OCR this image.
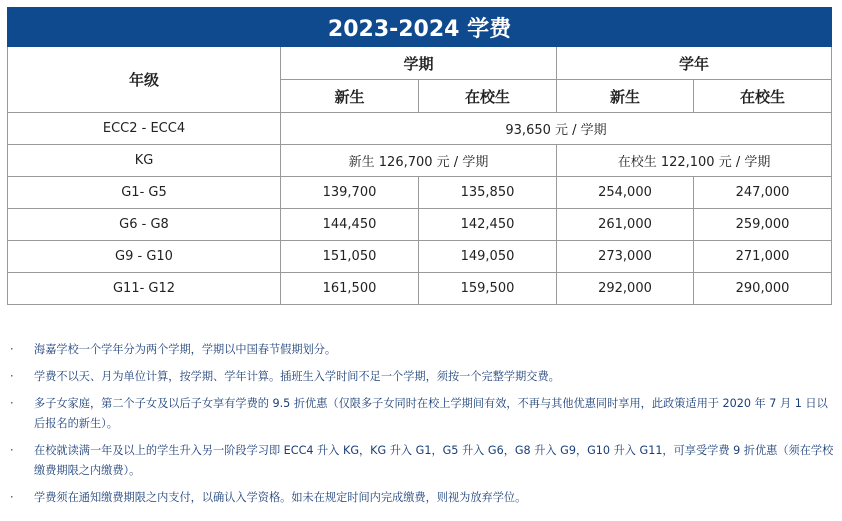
2023-2024 学费				
年级	学期		学年	
	新生	在校生	新生	在校生
ECC2 - ECC4	93,650 元 / 学期			
KG	新生 126,700 元 / 学期		在校生 122,100 元 / 学期	
G1- G5	139,700	135,850	254,000	247,000
G6 - G8	144,450	142,450	261,000	259,000
G9 - G10	151,050	149,050	273,000	271,000
G11- G12	161,500	159,500	292,000	290,000
· 海嘉学校一个学年分为两个学期，学期以中国春节假期划分。
· 学费不以天、月为单位计算，按学期、学年计算。插班生入学时间不足一个学期，须按一个完整学期交费。
· 多子女家庭，第二个子女及以后子女享有学费的 9.5 折优惠（仅限多子女同时在校上学期间有效，不再与其他优惠同时享用，此政策适用于 2020 年 7 月 1 日以后报名的新生）。
· 在校就读满一年及以上的学生升入另一阶段学习即 ECC4 升入 KG，KG 升入 G1，G5 升入 G6，G8 升入 G9，G10 升入 G11，可享受学费 9 折优惠（须在学校缴费期限之内缴费）。
· 学费须在通知缴费期限之内支付，以确认入学资格。如未在规定时间内完成缴费，则视为放弃学位。
